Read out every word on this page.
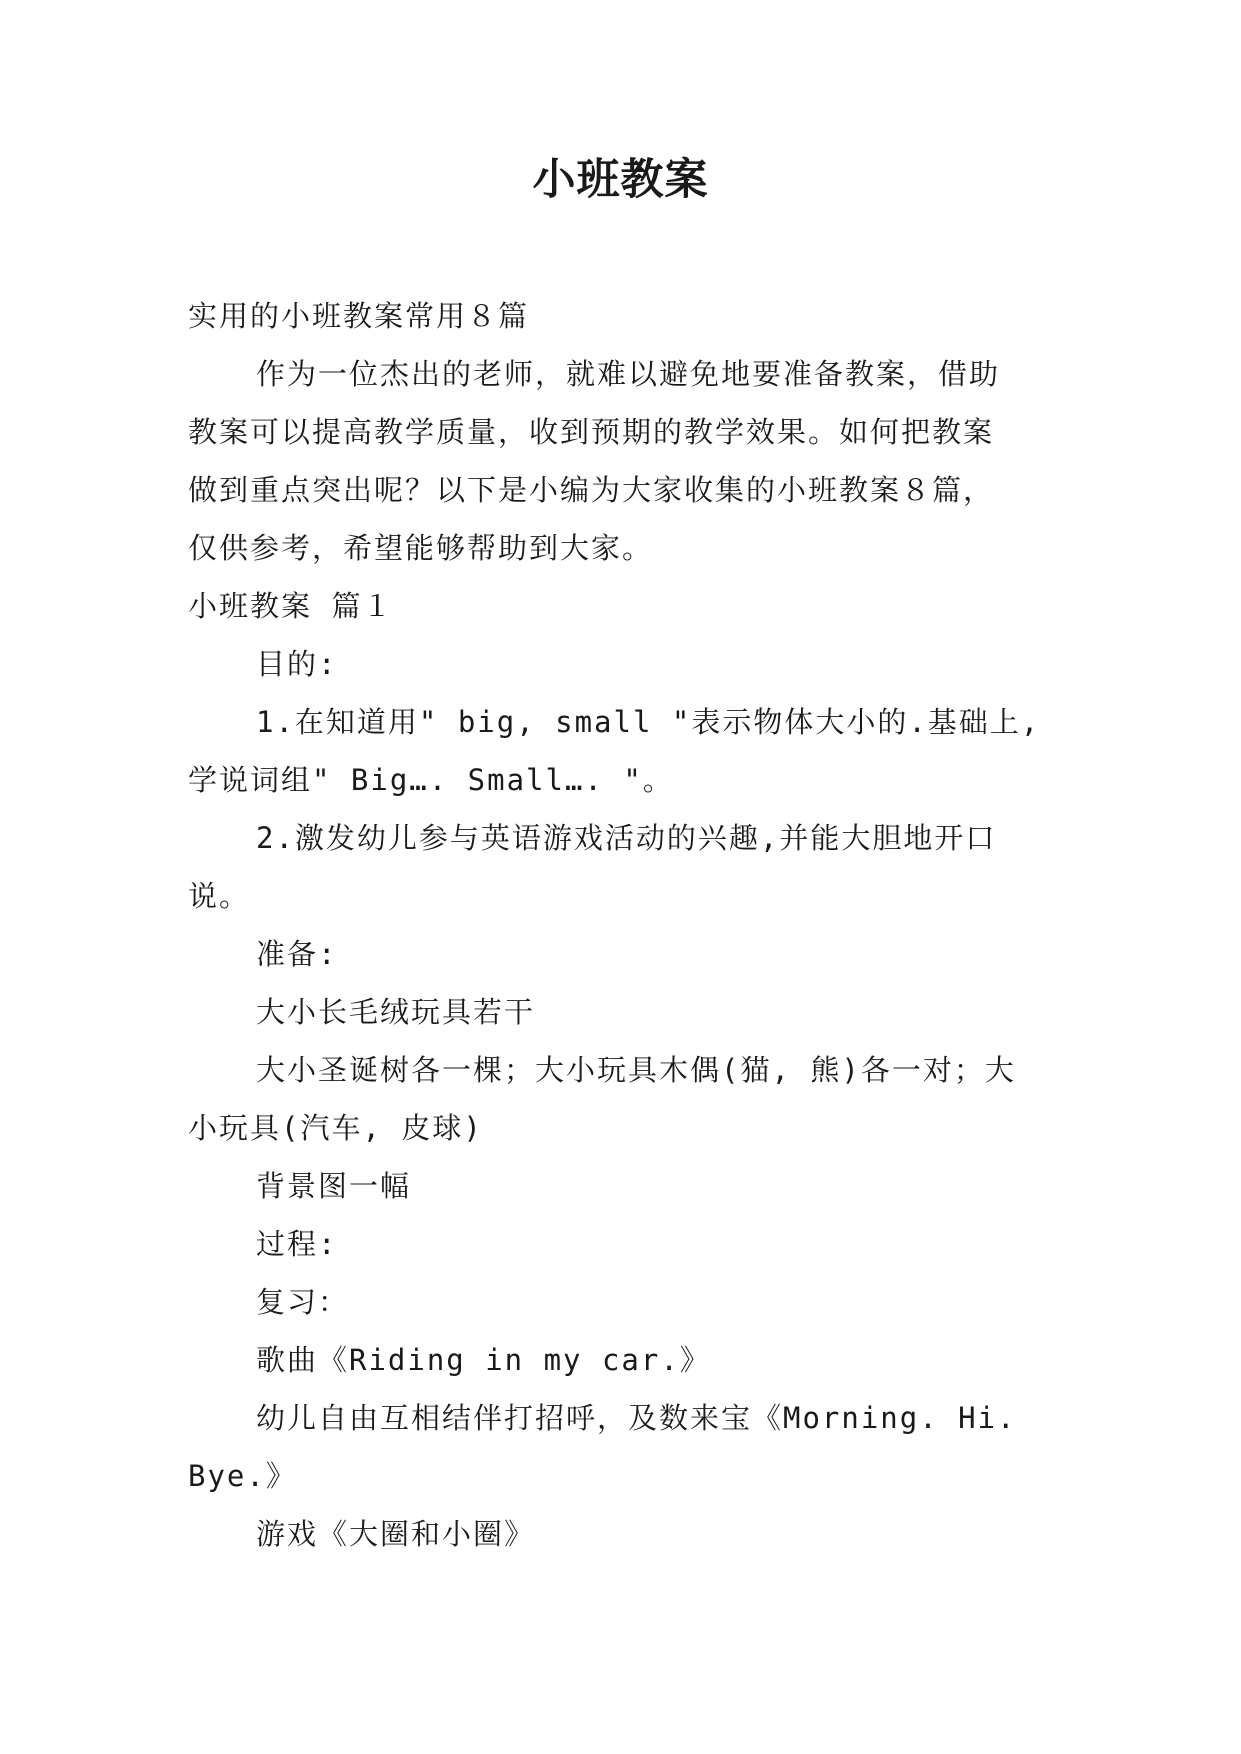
小班教案

实用的小班教案常用８篇

作为一位杰出的老师，就难以避免地要准备教案，借助

教案可以提高教学质量，收到预期的教学效果。如何把教案

做到重点突出呢？以下是小编为大家收集的小班教案８篇，

仅供参考，希望能够帮助到大家。

小班教案 篇１

目的:

1.在知道用" big, small "表示物体大小的.基础上,

学说词组" Big…. Small…. "。

2.激发幼儿参与英语游戏活动的兴趣,并能大胆地开口

说。

准备:

大小长毛绒玩具若干

大小圣诞树各一棵；大小玩具木偶(猫, 熊)各一对；大

小玩具(汽车, 皮球)

背景图一幅

过程:

复习：

歌曲《Riding in my car.》

幼儿自由互相结伴打招呼，及数来宝《Morning. Hi.

Bye.》

游戏《大圈和小圈》
